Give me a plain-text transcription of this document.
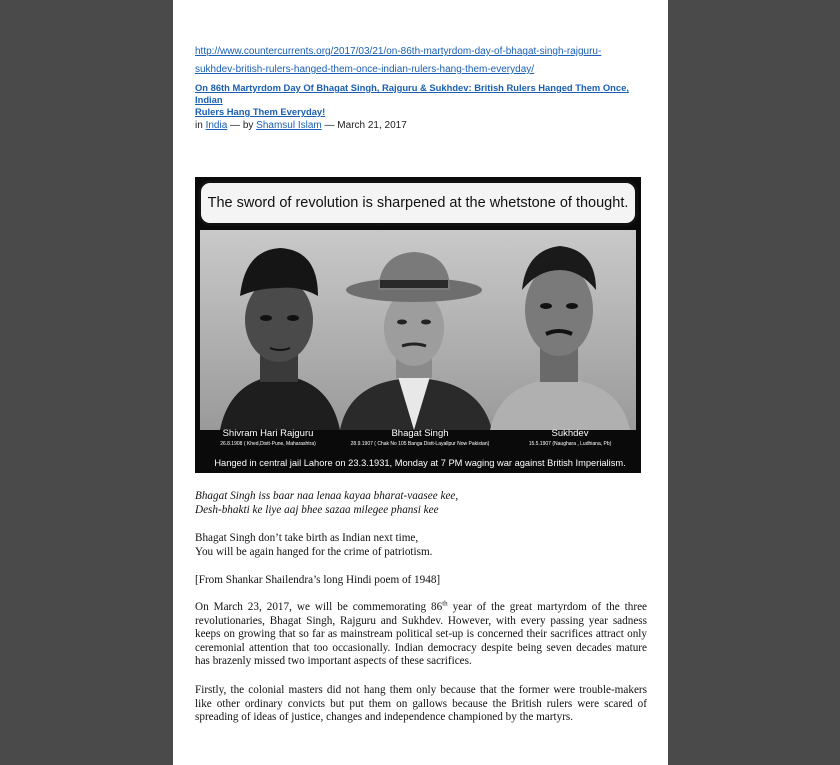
http://www.countercurrents.org/2017/03/21/on-86th-martyrdom-day-of-bhagat-singh-rajguru-
sukhdev-british-rulers-hanged-them-once-indian-rulers-hang-them-everyday/
On 86th Martyrdom Day Of Bhagat Singh, Rajguru & Sukhdev: British Rulers Hanged Them Once, Indian
Rulers Hang Them Everyday!
in India — by Shamsul Islam — March 21, 2017
The sword of revolution is sharpened at the whetstone of thought.
Shivram Hari Rajguru
26.8.1908 ( Khed,Distt-Pune, Maharashtra)
Bhagat Singh
28.9.1907 ( Chak No 105 Banga Distt-Layallpur Now Pakistan)
Sukhdev
15.5.1907 (Naughara , Ludhiana, Pb)
Hanged in central jail Lahore on 23.3.1931, Monday at 7 PM waging war against British Imperialism.
Bhagat Singh iss baar naa lenaa kayaa bharat-vaasee kee,
Desh-bhakti ke liye aaj bhee sazaa milegee phansi kee
Bhagat Singh don’t take birth as Indian next time,
You will be again hanged for the crime of patriotism.
[From Shankar Shailendra’s long Hindi poem of 1948]
On March 23, 2017, we will be commemorating 86th year of the great martyrdom of the three revolutionaries, Bhagat Singh, Rajguru and Sukhdev. However, with every passing year sadness keeps on growing that so far as mainstream political set-up is concerned their sacrifices attract only ceremonial attention that too occasionally. Indian democracy despite being seven decades mature has brazenly missed two important aspects of these sacrifices.
Firstly, the colonial masters did not hang them only because that the former were trouble-makers like other ordinary convicts but put them on gallows because the British rulers were scared of spreading of ideas of justice, changes and independence championed by the martyrs.
